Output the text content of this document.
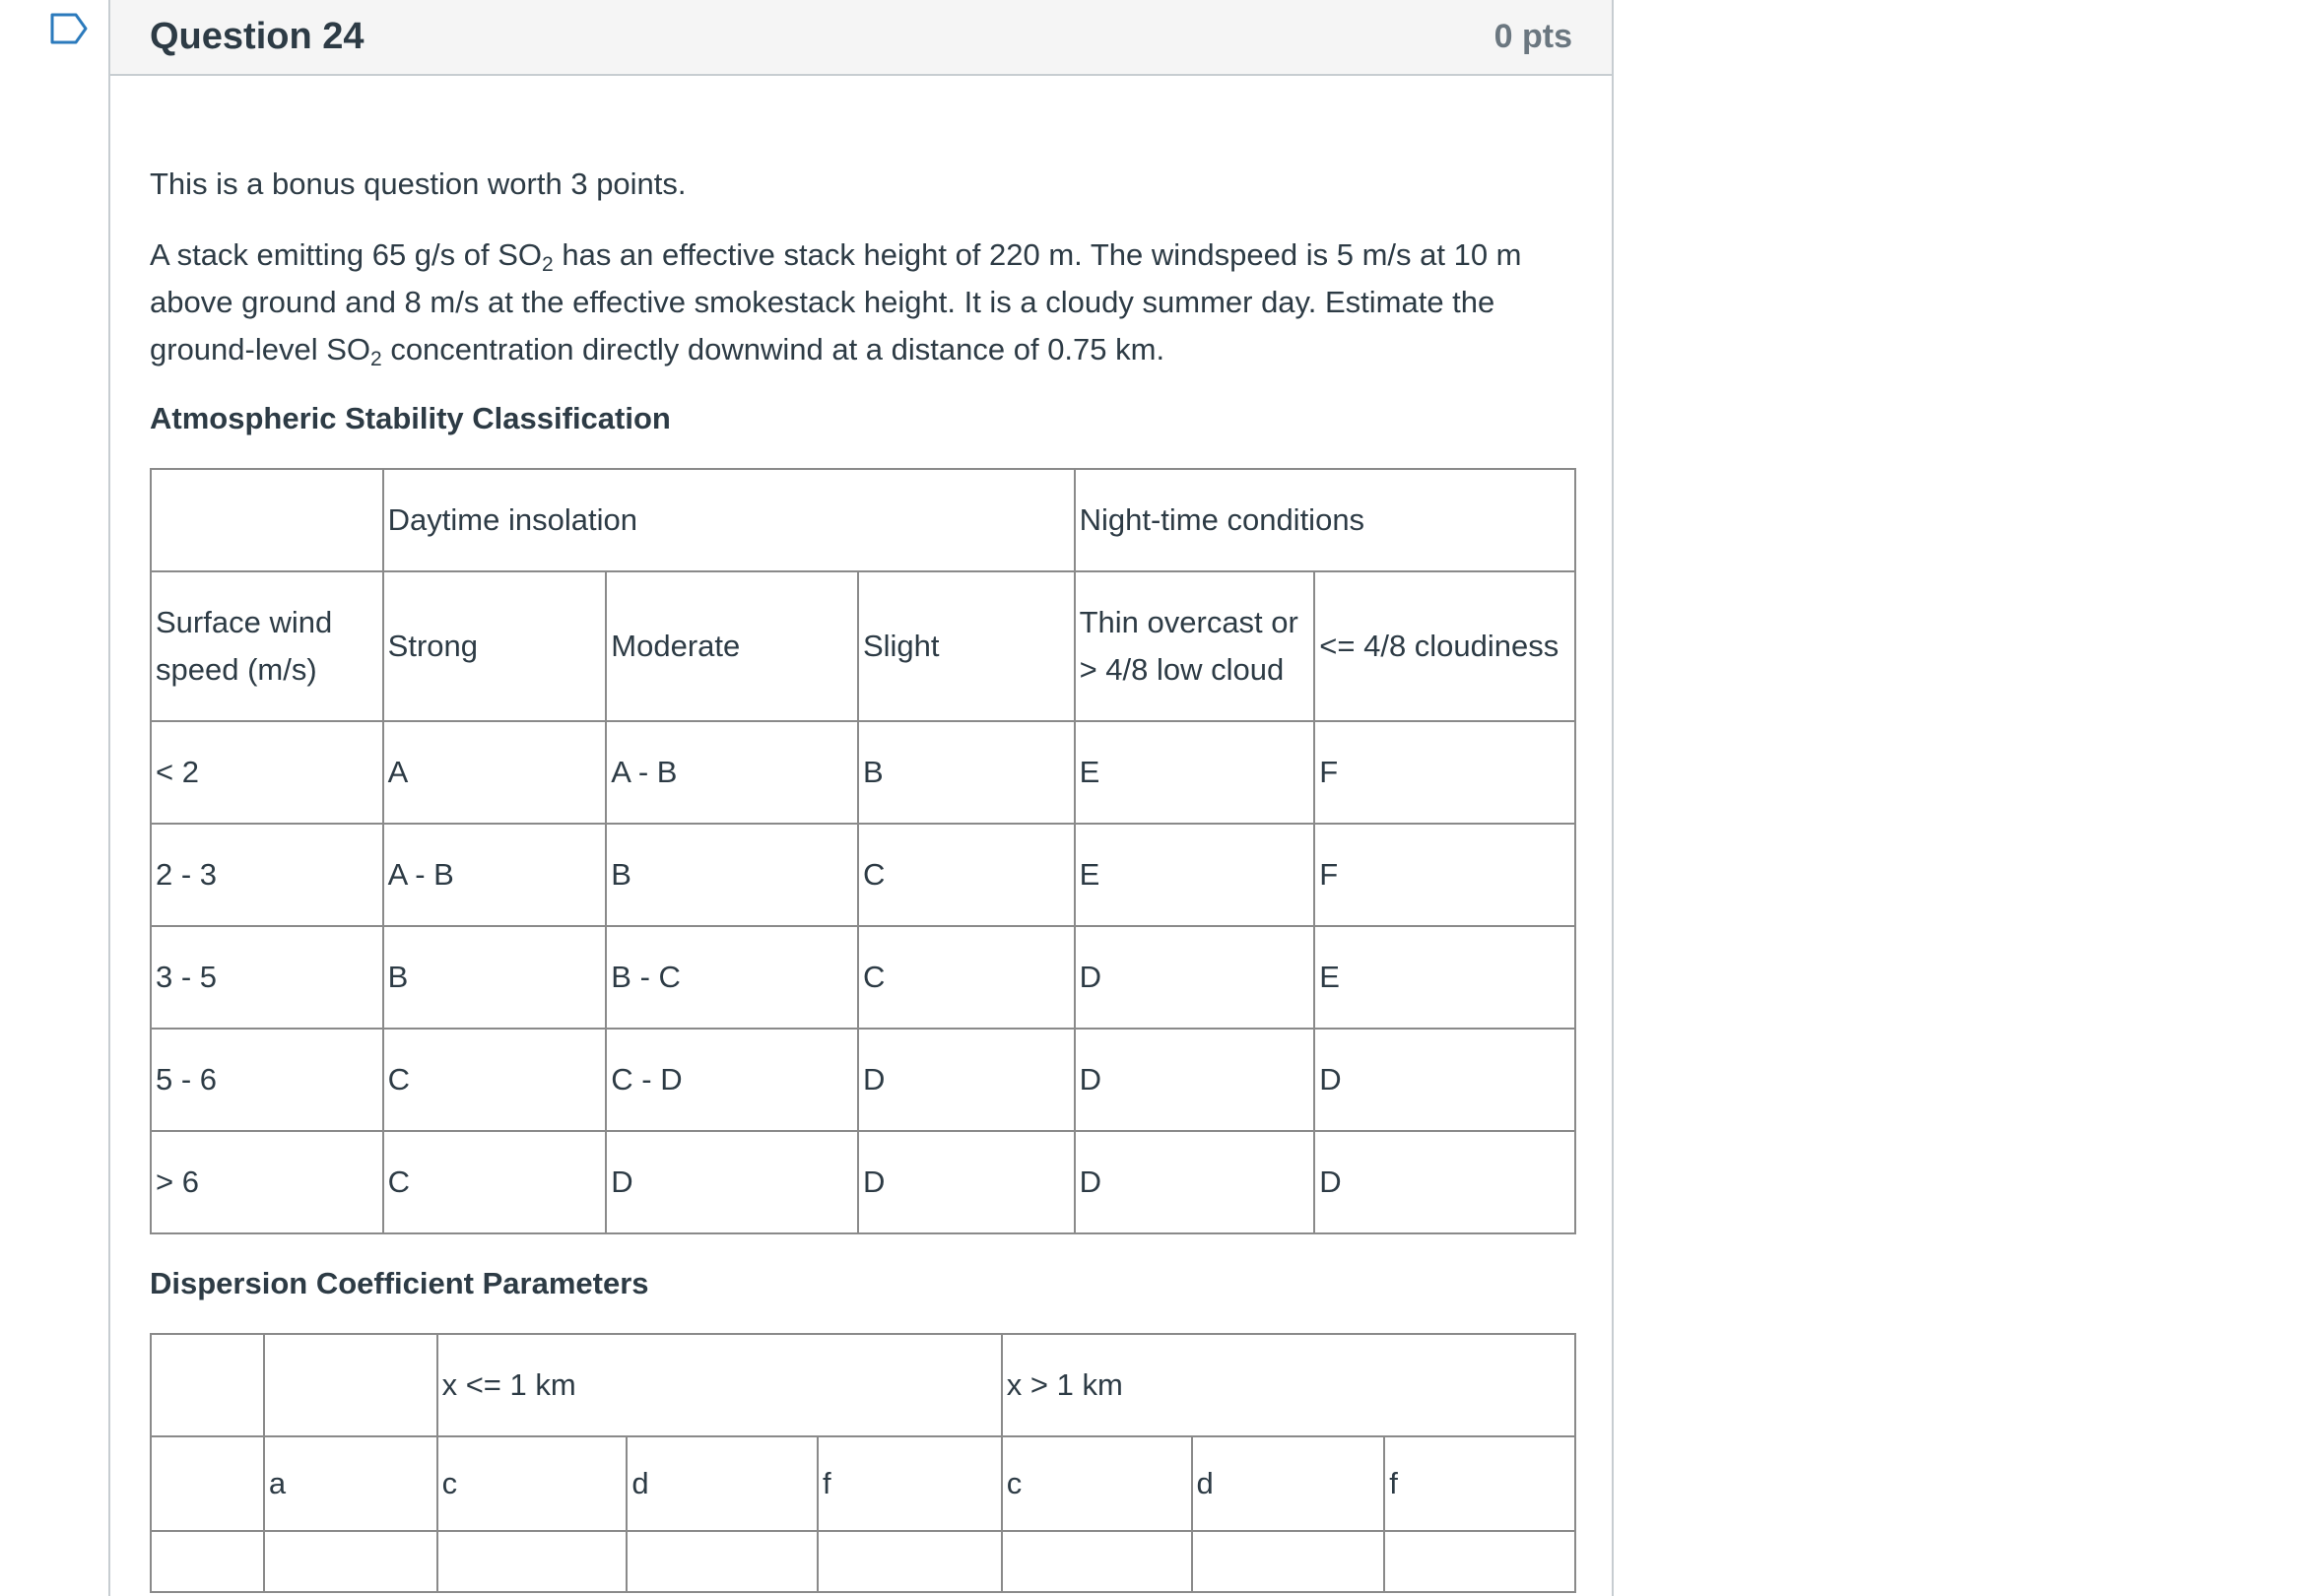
Question 24	0 pts

This is a bonus question worth 3 points.

A stack emitting 65 g/s of $SO_2$ has an effective stack height of 220 m. The windspeed is 5 m/s at 10 m above ground and 8 m/s at the effective smokestack height. It is a cloudy summer day. Estimate the ground-level $SO_2$ concentration directly downwind at a distance of 0.75 km.

Atmospheric Stability Classification
	Daytime insolation			Night-time conditions	
Surface wind speed (m/s)	Strong	Moderate	Slight	Thin overcast or > 4/8 low cloud	<= 4/8 cloudiness
< 2	A	A - B	B	E	F
2 - 3	A - B	B	C	E	F
3 - 5	B	B - C	C	D	E
5 - 6	C	C - D	D	D	D
> 6	C	D	D	D	D
Dispersion Coefficient Parameters
		x <= 1 km			x > 1 km		
	a	c	d	f	c	d	f
